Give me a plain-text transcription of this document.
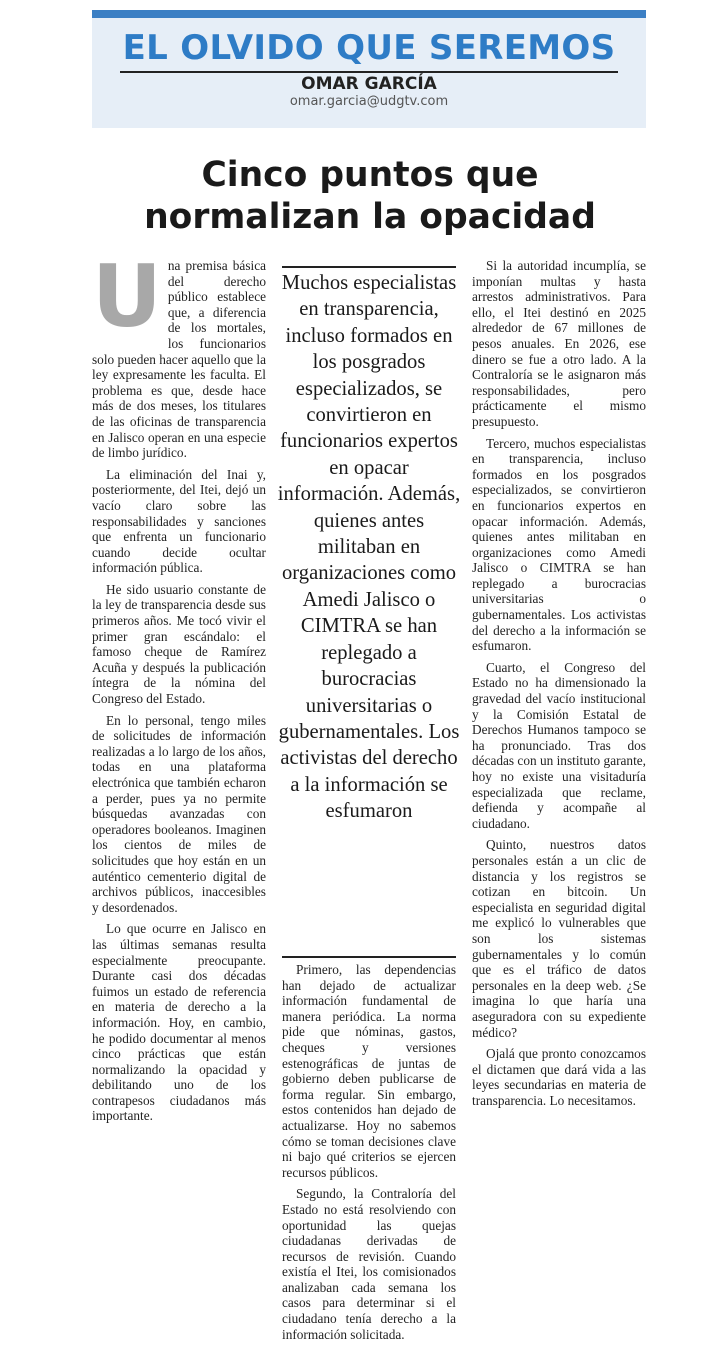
EL OLVIDO QUE SEREMOS
OMAR GARCÍA
omar.garcia@udgtv.com
Cinco puntos que
normalizan la opacidad
U na premisa básica del derecho público establece que, a diferencia de los mortales, los funcionarios solo pueden hacer aquello que la ley expresamente les faculta. El problema es que, desde hace más de dos meses, los titulares de las oficinas de transparencia en Jalisco operan en una especie de limbo jurídico.

La eliminación del Inai y, posteriormente, del Itei, dejó un vacío claro sobre las responsabilidades y sanciones que enfrenta un funcionario cuando decide ocultar información pública.

He sido usuario constante de la ley de transparencia desde sus primeros años. Me tocó vivir el primer gran escándalo: el famoso cheque de Ramírez Acuña y después la publicación íntegra de la nómina del Congreso del Estado.

En lo personal, tengo miles de solicitudes de información realizadas a lo largo de los años, todas en una plataforma electrónica que también echaron a perder, pues ya no permite búsquedas avanzadas con operadores booleanos. Imaginen los cientos de miles de solicitudes que hoy están en un auténtico cementerio digital de archivos públicos, inaccesibles y desordenados.

Lo que ocurre en Jalisco en las últimas semanas resulta especialmente preocupante. Durante casi dos décadas fuimos un estado de referencia en materia de derecho a la información. Hoy, en cambio, he podido documentar al menos cinco prácticas que están normalizando la opacidad y debilitando uno de los contrapesos ciudadanos más importante.

Muchos especialistas en transparencia, incluso formados en los posgrados especializados, se convirtieron en funcionarios expertos en opacar información. Además, quienes antes militaban en organizaciones como Amedi Jalisco o CIMTRA se han replegado a burocracias universitarias o gubernamentales. Los activistas del derecho a la información se esfumaron

Primero, las dependencias han dejado de actualizar información fundamental de manera periódica. La norma pide que nóminas, gastos, cheques y versiones estenográficas de juntas de gobierno deben publicarse de forma regular. Sin embargo, estos contenidos han dejado de actualizarse. Hoy no sabemos cómo se toman decisiones clave ni bajo qué criterios se ejercen recursos públicos.

Segundo, la Contraloría del Estado no está resolviendo con oportunidad las quejas ciudadanas derivadas de recursos de revisión. Cuando existía el Itei, los comisionados analizaban cada semana los casos para determinar si el ciudadano tenía derecho a la información solicitada.

Si la autoridad incumplía, se imponían multas y hasta arrestos administrativos. Para ello, el Itei destinó en 2025 alrededor de 67 millones de pesos anuales. En 2026, ese dinero se fue a otro lado. A la Contraloría se le asignaron más responsabilidades, pero prácticamente el mismo presupuesto.

Tercero, muchos especialistas en transparencia, incluso formados en los posgrados especializados, se convirtieron en funcionarios expertos en opacar información. Además, quienes antes militaban en organizaciones como Amedi Jalisco o CIMTRA se han replegado a burocracias universitarias o gubernamentales. Los activistas del derecho a la información se esfumaron.

Cuarto, el Congreso del Estado no ha dimensionado la gravedad del vacío institucional y la Comisión Estatal de Derechos Humanos tampoco se ha pronunciado. Tras dos décadas con un instituto garante, hoy no existe una visitaduría especializada que reclame, defienda y acompañe al ciudadano.

Quinto, nuestros datos personales están a un clic de distancia y los registros se cotizan en bitcoin. Un especialista en seguridad digital me explicó lo vulnerables que son los sistemas gubernamentales y lo común que es el tráfico de datos personales en la deep web. ¿Se imagina lo que haría una aseguradora con su expediente médico?

Ojalá que pronto conozcamos el dictamen que dará vida a las leyes secundarias en materia de transparencia. Lo necesitamos.
